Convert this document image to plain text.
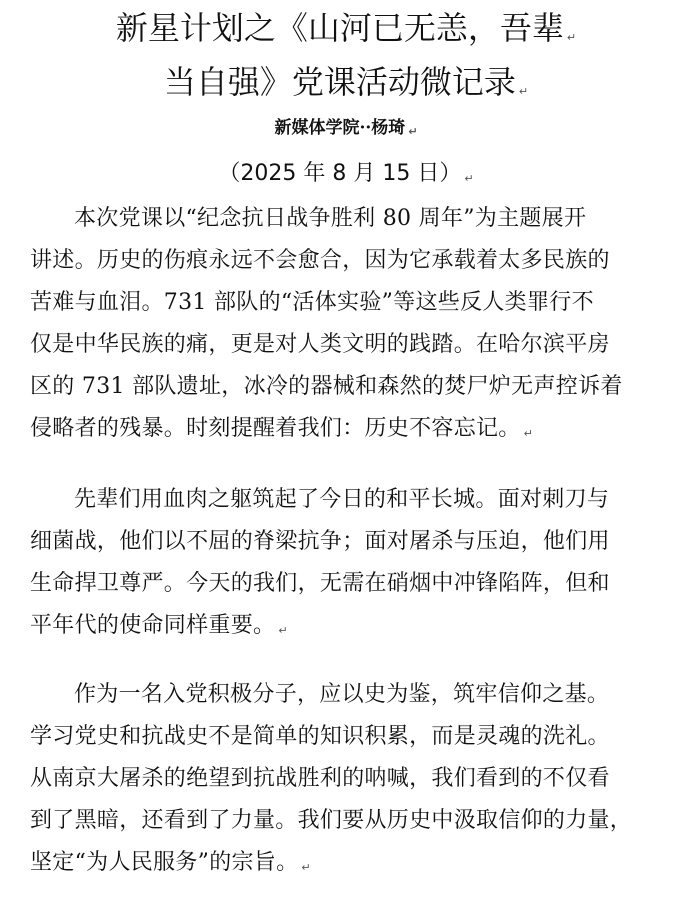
新星计划之《山河已无恙，吾辈 ↵
当自强》党课活动微记录 ↵
新媒体学院··杨琦 ↵
（2025 年 8 月 15 日） ↵

本次党课以“纪念抗日战争胜利 80 周年”为主题展开
讲述。历史的伤痕永远不会愈合，因为它承载着太多民族的
苦难与血泪。731 部队的“活体实验”等这些反人类罪行不
仅是中华民族的痛，更是对人类文明的践踏。在哈尔滨平房
区的 731 部队遗址，冰冷的器械和森然的焚尸炉无声控诉着
侵略者的残暴。时刻提醒着我们：历史不容忘记。 ↵

先辈们用血肉之躯筑起了今日的和平长城。面对刺刀与
细菌战，他们以不屈的脊梁抗争；面对屠杀与压迫，他们用
生命捍卫尊严。今天的我们，无需在硝烟中冲锋陷阵，但和
平年代的使命同样重要。 ↵

作为一名入党积极分子，应以史为鉴，筑牢信仰之基。
学习党史和抗战史不是简单的知识积累，而是灵魂的洗礼。
从南京大屠杀的绝望到抗战胜利的呐喊，我们看到的不仅看
到了黑暗，还看到了力量。我们要从历史中汲取信仰的力量，
坚定“为人民服务”的宗旨。 ↵
